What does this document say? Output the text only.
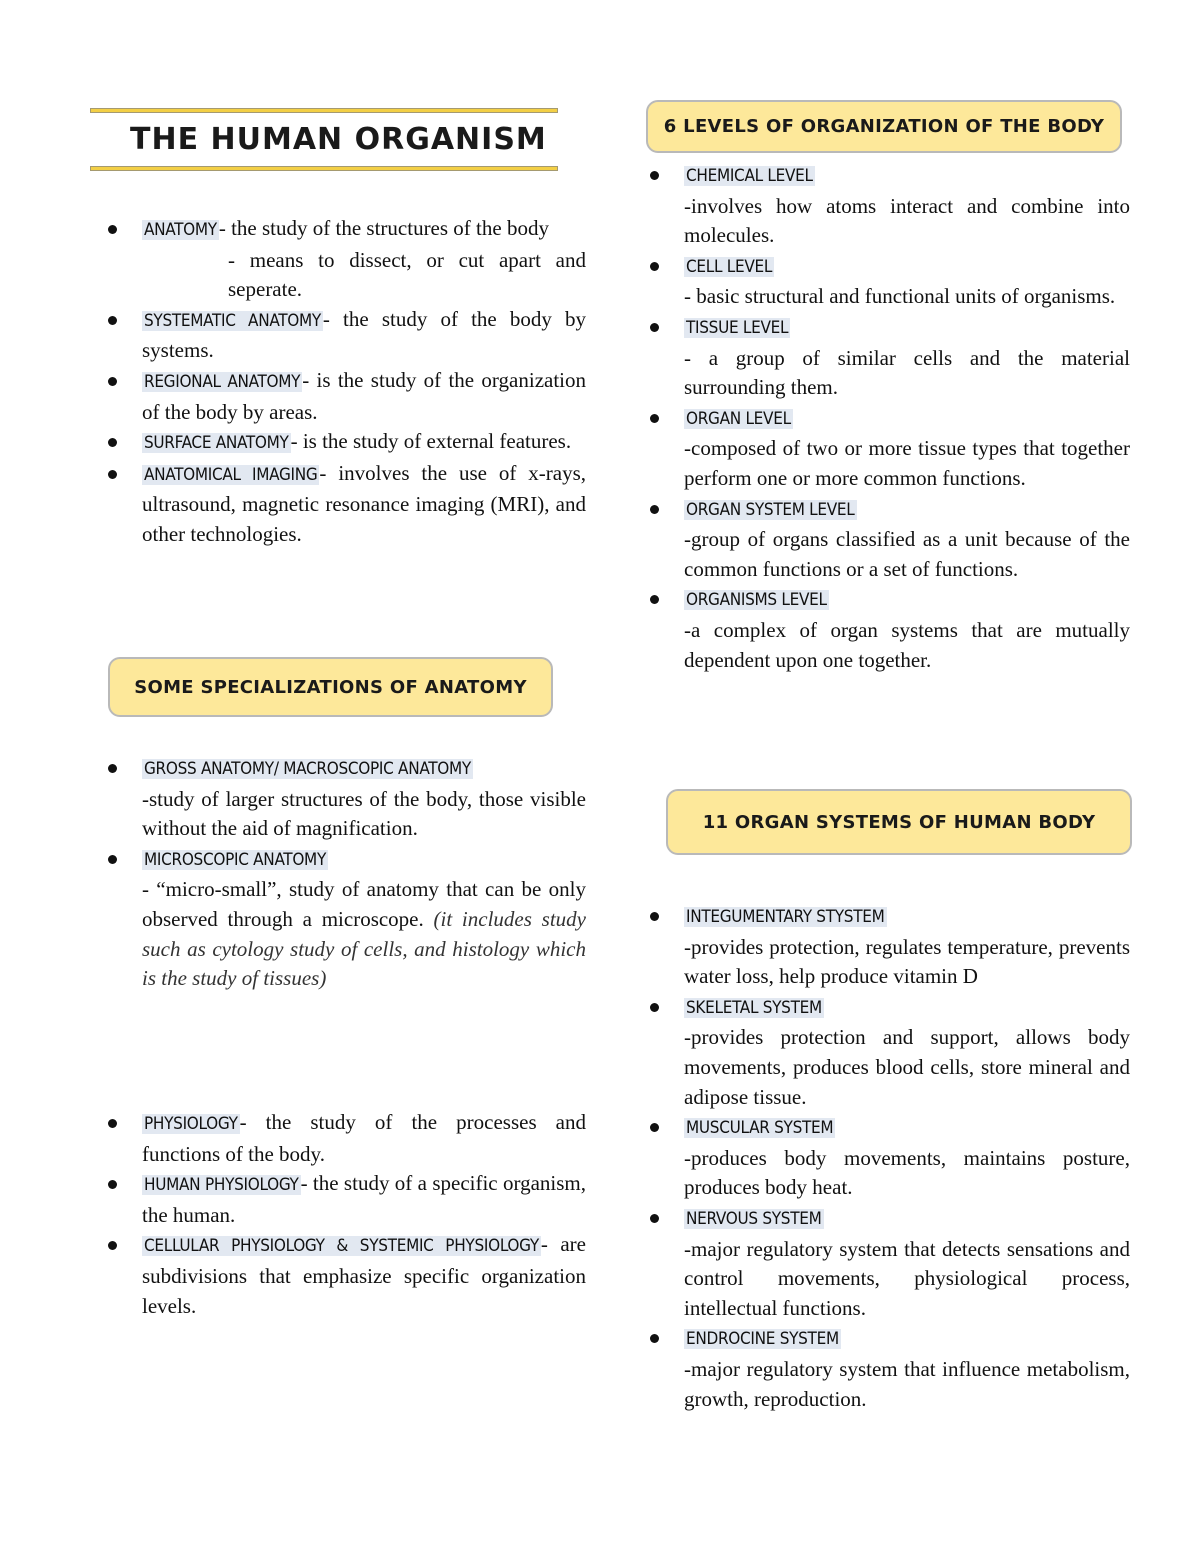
THE HUMAN ORGANISM
ANATOMY- the study of the structures of the body
- means to dissect, or cut apart and seperate.
SYSTEMATIC ANATOMY- the study of the body by systems.
REGIONAL ANATOMY- is the study of the organization of the body by areas.
SURFACE ANATOMY- is the study of external features.
ANATOMICAL IMAGING- involves the use of x-rays, ultrasound, magnetic resonance imaging (MRI), and other technologies.
SOME SPECIALIZATIONS OF ANATOMY
GROSS ANATOMY/ MACROSCOPIC ANATOMY
-study of larger structures of the body, those visible without the aid of magnification.
MICROSCOPIC ANATOMY
- “micro-small”, study of anatomy that can be only observed through a microscope. (it includes study such as cytology study of cells, and histology which is the study of tissues)
PHYSIOLOGY- the study of the processes and functions of the body.
HUMAN PHYSIOLOGY- the study of a specific organism, the human.
CELLULAR PHYSIOLOGY & SYSTEMIC PHYSIOLOGY- are subdivisions that emphasize specific organization levels.
6 LEVELS OF ORGANIZATION OF THE BODY
CHEMICAL LEVEL
-involves how atoms interact and combine into molecules.
CELL LEVEL
- basic structural and functional units of organisms.
TISSUE LEVEL
- a group of similar cells and the material surrounding them.
ORGAN LEVEL
-composed of two or more tissue types that together perform one or more common functions.
ORGAN SYSTEM LEVEL
-group of organs classified as a unit because of the common functions or a set of functions.
ORGANISMS LEVEL
-a complex of organ systems that are mutually dependent upon one together.
11 ORGAN SYSTEMS OF HUMAN BODY
INTEGUMENTARY STYSTEM
-provides protection, regulates temperature, prevents water loss, help produce vitamin D
SKELETAL SYSTEM
-provides protection and support, allows body movements, produces blood cells, store mineral and adipose tissue.
MUSCULAR SYSTEM
-produces body movements, maintains posture, produces body heat.
NERVOUS SYSTEM
-major regulatory system that detects sensations and control movements, physiological process, intellectual functions.
ENDROCINE SYSTEM
-major regulatory system that influence metabolism, growth, reproduction.
